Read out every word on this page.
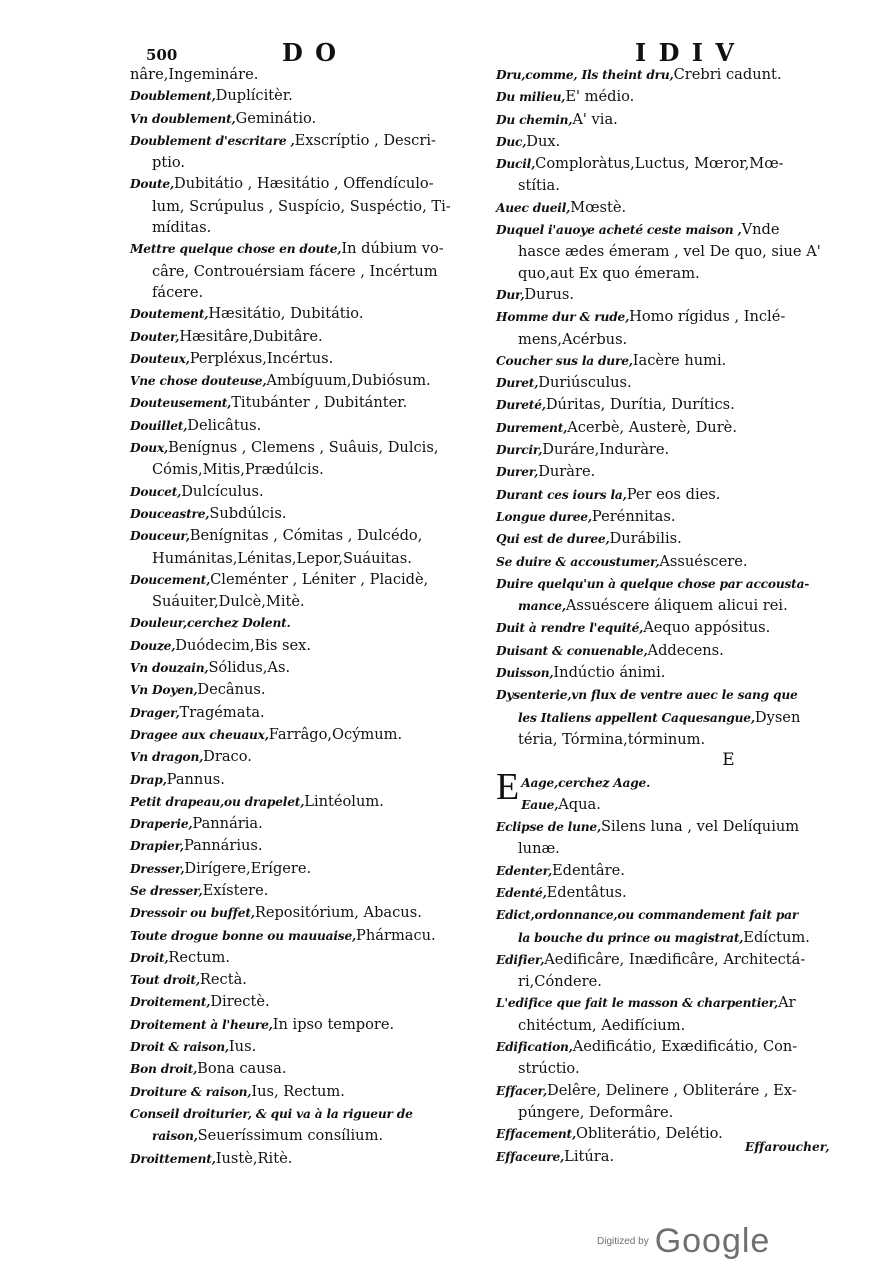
500	D O	I D I V
nâre,Ingemináre.
Doublement,Duplícitèr.
Vn doublement,Geminátio.
Doublement d'escritare ,Exscríptio , Descri-
ptio.
Doute,Dubitátio , Hæsitátio , Offendículo-
lum, Scrúpulus , Suspício, Suspéctio, Ti-
míditas.
Mettre quelque chose en doute,In dúbium vo-
câre, Controuérsiam fácere , Incértum
fácere.
Doutement,Hæsitátio, Dubitátio.
Douter,Hæsitâre,Dubitâre.
Douteux,Perpléxus,Incértus.
Vne chose douteuse,Ambíguum,Dubiósum.
Douteusement,Titubánter , Dubitánter.
Douillet,Delicâtus.
Doux,Benígnus , Clemens , Suâuis, Dulcis,
Cómis,Mitis,Prædúlcis.
Doucet,Dulcículus.
Douceastre,Subdúlcis.
Douceur,Benígnitas , Cómitas , Dulcédo,
Humánitas,Lénitas,Lepor,Suáuitas.
Doucement,Cleménter , Léniter , Placidè,
Suáuiter,Dulcè,Mitè.
Douleur,cerchez Dolent.
Douze,Duódecim,Bis sex.
Vn douzain,Sólidus,As.
Vn Doyen,Decânus.
Drager,Tragémata.
Dragee aux cheuaux,Farrâgo,Ocýmum.
Vn dragon,Draco.
Drap,Pannus.
Petit drapeau,ou drapelet,Lintéolum.
Draperie,Pannária.
Drapier,Pannárius.
Dresser,Dirígere,Erígere.
Se dresser,Exístere.
Dressoir ou buffet,Repositórium, Abacus.
Toute drogue bonne ou mauuaise,Phármacu.
Droit,Rectum.
Tout droit,Rectà.
Droitement,Directè.
Droitement à l'heure,In ipso tempore.
Droit & raison,Ius.
Bon droit,Bona causa.
Droiture & raison,Ius, Rectum.
Conseil droiturier, & qui va à la rigueur de
raison,Seueríssimum consílium.
Droittement,Iustè,Ritè.
Dru,comme, Ils theint dru,Crebri cadunt.
Du milieu,E' médio.
Du chemin,A' via.
Duc,Dux.
Ducil,Comploràtus,Luctus, Mœror,Mœ-
stítia.
Auec dueil,Mœstè.
Duquel i'auoye acheté ceste maison ,Vnde
hasce ædes émeram , vel De quo, siue A'
quo,aut Ex quo émeram.
Dur,Durus.
Homme dur & rude,Homo rígidus , Inclé-
mens,Acérbus.
Coucher sus la dure,Iacère humi.
Duret,Duriúsculus.
Dureté,Dúritas, Durítia, Durítics.
Durement,Acerbè, Austerè, Durè.
Durcir,Duráre,Induràre.
Durer,Duràre.
Durant ces iours la,Per eos dies.
Longue duree,Perénnitas.
Qui est de duree,Durábilis.
Se duire & accoustumer,Assuéscere.
Duire quelqu'un à quelque chose par accousta-
mance,Assuéscere áliquem alicui rei.
Duit à rendre l'equité,Aequo appósitus.
Duisant & conuenable,Addecens.
Duisson,Indúctio ánimi.
Dysenterie,vn flux de ventre auec le sang que
les Italiens appellent Caquesangue,Dysen
téria, Tórmina,tórminum.
E
E Aage,cerchez Aage.
Eaue,Aqua.
Eclipse de lune,Silens luna , vel Delíquium
lunæ.
Edenter,Edentâre.
Edenté,Edentâtus.
Edict,ordonnance,ou commandement fait par
la bouche du prince ou magistrat,Edíctum.
Edifier,Aedificâre, Inædificâre, Architectá-
ri,Cóndere.
L'edifice que fait le masson & charpentier,Ar
chitéctum, Aedifícium.
Edification,Aedificátio, Exædificátio, Con-
strúctio.
Effacer,Delêre, Delinere , Obliteráre , Ex-
púngere, Deformâre.
Effacement,Obliterátio, Delétio.
Effaceure,Litúra.
Effaroucher,
Digitized by Google
